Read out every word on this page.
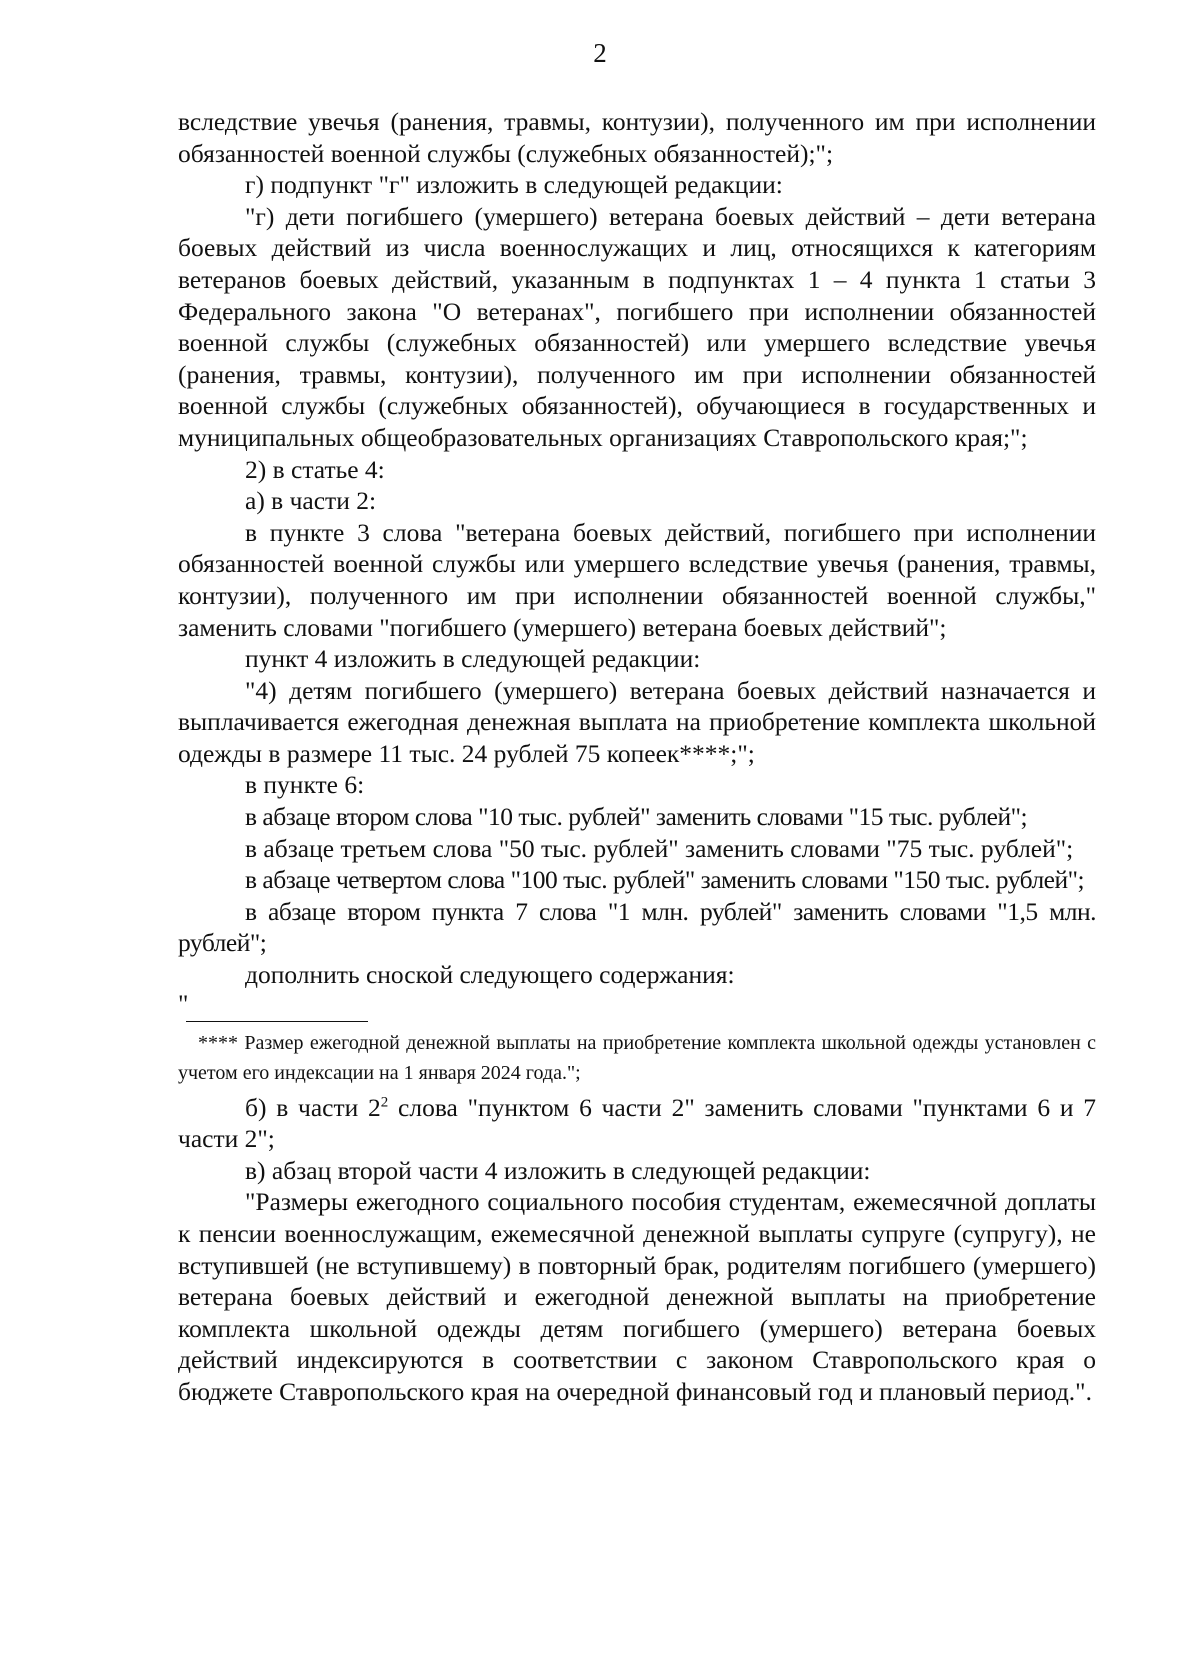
2

вследствие увечья (ранения, травмы, контузии), полученного им при исполнении обязанностей военной службы (служебных обязанностей);";

г) подпункт "г" изложить в следующей редакции:

"г) дети погибшего (умершего) ветерана боевых действий – дети ветерана боевых действий из числа военнослужащих и лиц, относящихся к категориям ветеранов боевых действий, указанным в подпунктах 1 – 4 пункта 1 статьи 3 Федерального закона "О ветеранах", погибшего при исполнении обязанностей военной службы (служебных обязанностей) или умершего вследствие увечья (ранения, травмы, контузии), полученного им при исполнении обязанностей военной службы (служебных обязанностей), обучающиеся в государственных и муниципальных общеобразовательных организациях Ставропольского края;";

2) в статье 4:

а) в части 2:

в пункте 3 слова "ветерана боевых действий, погибшего при исполнении обязанностей военной службы или умершего вследствие увечья (ранения, травмы, контузии), полученного им при исполнении обязанностей военной службы," заменить словами "погибшего (умершего) ветерана боевых действий";

пункт 4 изложить в следующей редакции:

"4) детям погибшего (умершего) ветерана боевых действий назначается и выплачивается ежегодная денежная выплата на приобретение комплекта школьной одежды в размере 11 тыс. 24 рублей 75 копеек****;";

в пункте 6:

в абзаце втором слова "10 тыс. рублей" заменить словами "15 тыс. рублей";

в абзаце третьем слова "50 тыс. рублей" заменить словами "75 тыс. рублей";

в абзаце четвертом слова "100 тыс. рублей" заменить словами "150 тыс. рублей";

в абзаце втором пункта 7 слова "1 млн. рублей" заменить словами "1,5 млн. рублей";

дополнить сноской следующего содержания:

"

**** Размер ежегодной денежной выплаты на приобретение комплекта школьной одежды установлен с учетом его индексации на 1 января 2024 года.";

б) в части $2^2$ слова "пунктом 6 части 2" заменить словами "пунктами 6 и 7 части 2";

в) абзац второй части 4 изложить в следующей редакции:

"Размеры ежегодного социального пособия студентам, ежемесячной доплаты к пенсии военнослужащим, ежемесячной денежной выплаты супруге (супругу), не вступившей (не вступившему) в повторный брак, родителям погибшего (умершего) ветерана боевых действий и ежегодной денежной выплаты на приобретение комплекта школьной одежды детям погибшего (умершего) ветерана боевых действий индексируются в соответствии с законом Ставропольского края о бюджете Ставропольского края на очередной финансовый год и плановый период.".
